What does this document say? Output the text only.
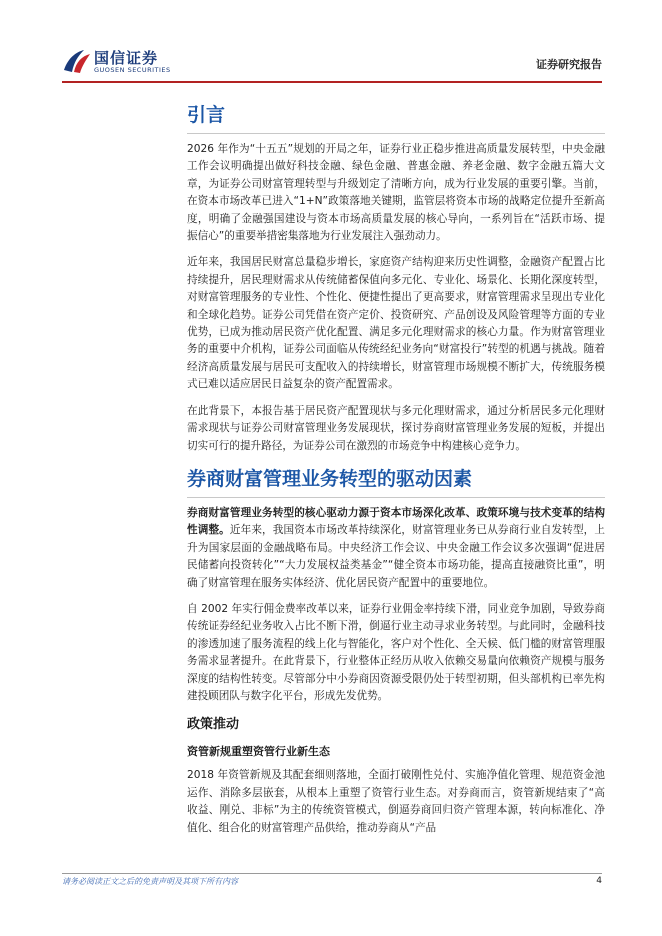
国信证券
GUOSEN SECURITIES	证券研究报告
引言

2026 年作为“十五五”规划的开局之年，证券行业正稳步推进高质量发展转型，中央金融工作会议明确提出做好科技金融、绿色金融、普惠金融、养老金融、数字金融五篇大文章，为证券公司财富管理转型与升级划定了清晰方向，成为行业发展的重要引擎。当前，在资本市场改革已进入“1+N”政策落地关键期，监管层将资本市场的战略定位提升至新高度，明确了金融强国建设与资本市场高质量发展的核心导向，一系列旨在“活跃市场、提振信心”的重要举措密集落地为行业发展注入强劲动力。

近年来，我国居民财富总量稳步增长，家庭资产结构迎来历史性调整，金融资产配置占比持续提升，居民理财需求从传统储蓄保值向多元化、专业化、场景化、长期化深度转型，对财富管理服务的专业性、个性化、便捷性提出了更高要求，财富管理需求呈现出专业化和全球化趋势。证券公司凭借在资产定价、投资研究、产品创设及风险管理等方面的专业优势，已成为推动居民资产优化配置、满足多元化理财需求的核心力量。作为财富管理业务的重要中介机构，证券公司面临从传统经纪业务向“财富投行”转型的机遇与挑战。随着经济高质量发展与居民可支配收入的持续增长，财富管理市场规模不断扩大，传统服务模式已难以适应居民日益复杂的资产配置需求。

在此背景下，本报告基于居民资产配置现状与多元化理财需求，通过分析居民多元化理财需求现状与证券公司财富管理业务发展现状，探讨券商财富管理业务发展的短板，并提出切实可行的提升路径，为证券公司在激烈的市场竞争中构建核心竞争力。

券商财富管理业务转型的驱动因素

券商财富管理业务转型的核心驱动力源于资本市场深化改革、政策环境与技术变革的结构性调整。近年来，我国资本市场改革持续深化，财富管理业务已从券商行业自发转型，上升为国家层面的金融战略布局。中央经济工作会议、中央金融工作会议多次强调“促进居民储蓄向投资转化”“大力发展权益类基金”“健全资本市场功能，提高直接融资比重”，明确了财富管理在服务实体经济、优化居民资产配置中的重要地位。

自 2002 年实行佣金费率改革以来，证券行业佣金率持续下滑，同业竞争加剧，导致券商传统证券经纪业务收入占比不断下滑，倒逼行业主动寻求业务转型。与此同时，金融科技的渗透加速了服务流程的线上化与智能化，客户对个性化、全天候、低门槛的财富管理服务需求显著提升。在此背景下，行业整体正经历从收入依赖交易量向依赖资产规模与服务深度的结构性转变。尽管部分中小券商因资源受限仍处于转型初期，但头部机构已率先构建投顾团队与数字化平台，形成先发优势。

政策推动
资管新规重塑资管行业新生态

2018 年资管新规及其配套细则落地，全面打破刚性兑付、实施净值化管理、规范资金池运作、消除多层嵌套，从根本上重塑了资管行业生态。对券商而言，资管新规结束了“高收益、刚兑、非标”为主的传统资管模式，倒逼券商回归资产管理本源，转向标准化、净值化、组合化的财富管理产品供给，推动券商从“产品

请务必阅读正文之后的免责声明及其项下所有内容	4
